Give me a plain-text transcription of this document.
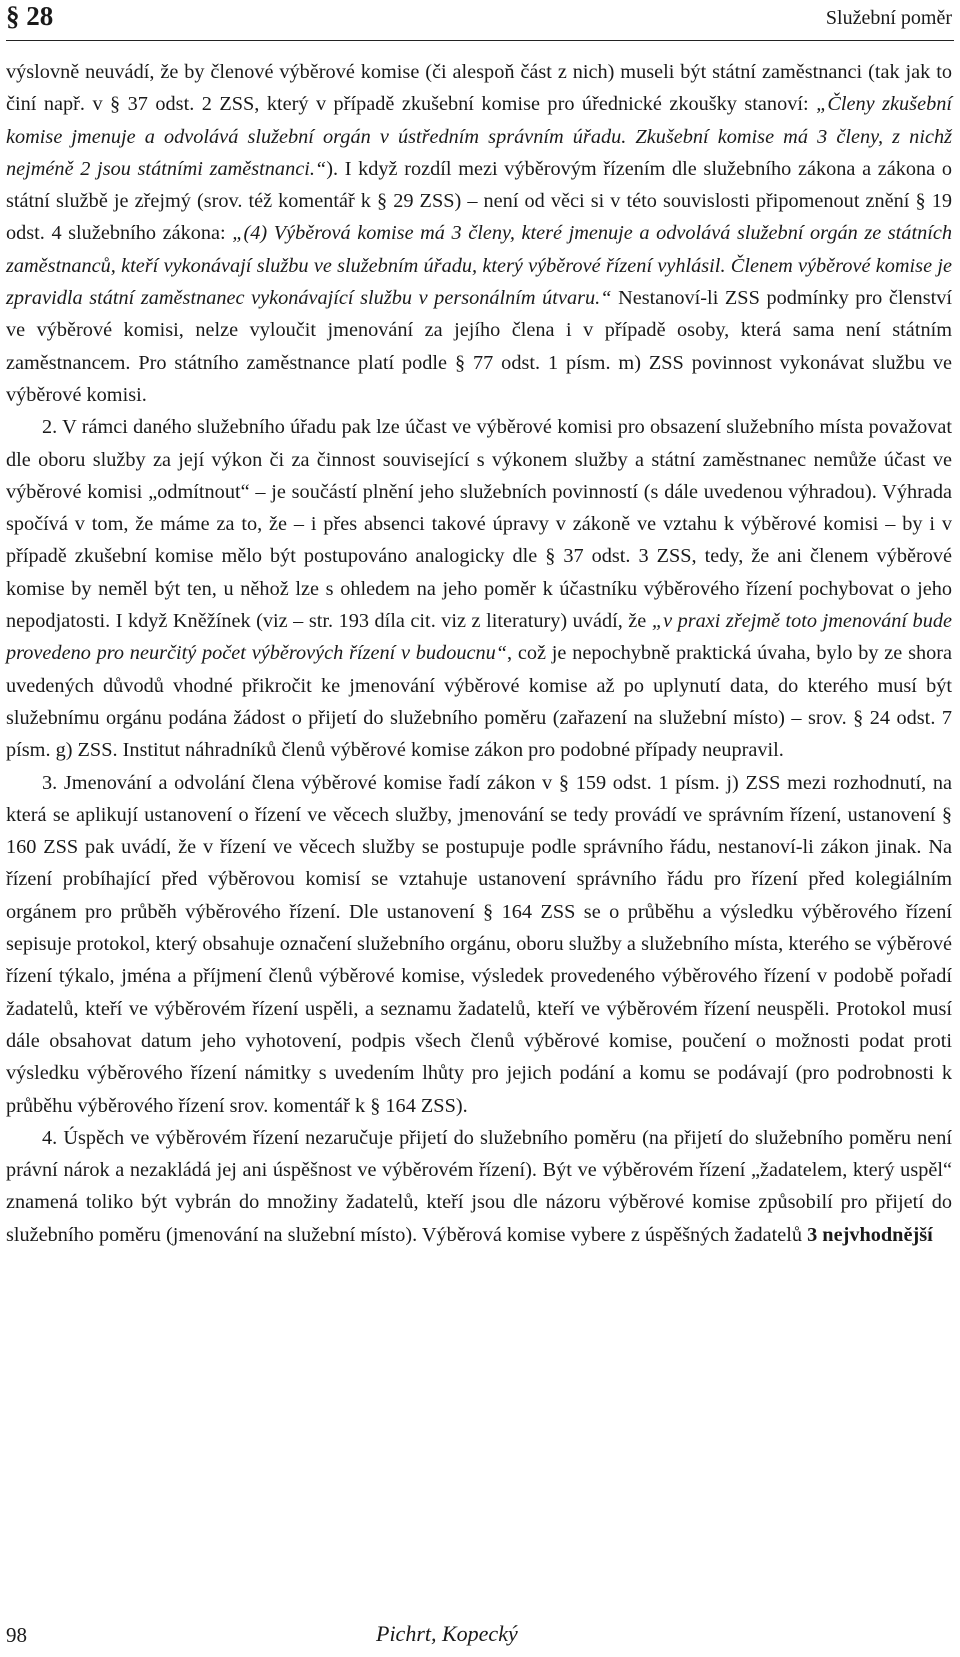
§ 28	Služební poměr

výslovně neuvádí, že by členové výběrové komise (či alespoň část z nich) museli být státní zaměstnanci (tak jak to činí např. v § 37 odst. 2 ZSS, který v případě zkušební komise pro úřednické zkoušky stanoví: „Členy zkušební komise jmenuje a odvolává služební orgán v ústředním správním úřadu. Zkušební komise má 3 členy, z nichž nejméně 2 jsou státními zaměstnanci.“). I když rozdíl mezi výběrovým řízením dle služebního zákona a zákona o státní službě je zřejmý (srov. též komentář k § 29 ZSS) – není od věci si v této souvislosti připomenout znění § 19 odst. 4 služebního zákona: „(4) Výběrová komise má 3 členy, které jmenuje a odvolává služební orgán ze státních zaměstnanců, kteří vykonávají službu ve služebním úřadu, který výběrové řízení vyhlásil. Členem výběrové komise je zpravidla státní zaměstnanec vykonávající službu v personálním útvaru.“ Nestanoví-li ZSS podmínky pro členství ve výběrové komisi, nelze vyloučit jmenování za jejího člena i v případě osoby, která sama není státním zaměstnancem. Pro státního zaměstnance platí podle § 77 odst. 1 písm. m) ZSS povinnost vykonávat službu ve výběrové komisi.

2. V rámci daného služebního úřadu pak lze účast ve výběrové komisi pro obsazení služebního místa považovat dle oboru služby za její výkon či za činnost související s výkonem služby a státní zaměstnanec nemůže účast ve výběrové komisi „odmítnout“ – je součástí plnění jeho služebních povinností (s dále uvedenou výhradou). Výhrada spočívá v tom, že máme za to, že – i přes absenci takové úpravy v zákoně ve vztahu k výběrové komisi – by i v případě zkušební komise mělo být postupováno analogicky dle § 37 odst. 3 ZSS, tedy, že ani členem výběrové komise by neměl být ten, u něhož lze s ohledem na jeho poměr k účastníku výběrového řízení pochybovat o jeho nepodjatosti. I když Kněžínek (viz – str. 193 díla cit. viz z literatury) uvádí, že „v praxi zřejmě toto jmenování bude provedeno pro neurčitý počet výběrových řízení v budoucnu“, což je nepochybně praktická úvaha, bylo by ze shora uvedených důvodů vhodné přikročit ke jmenování výběrové komise až po uplynutí data, do kterého musí být služebnímu orgánu podána žádost o přijetí do služebního poměru (zařazení na služební místo) – srov. § 24 odst. 7 písm. g) ZSS. Institut náhradníků členů výběrové komise zákon pro podobné případy neupravil.

3. Jmenování a odvolání člena výběrové komise řadí zákon v § 159 odst. 1 písm. j) ZSS mezi rozhodnutí, na která se aplikují ustanovení o řízení ve věcech služby, jmenování se tedy provádí ve správním řízení, ustanovení § 160 ZSS pak uvádí, že v řízení ve věcech služby se postupuje podle správního řádu, nestanoví-li zákon jinak. Na řízení probíhající před výběrovou komisí se vztahuje ustanovení správního řádu pro řízení před kolegiálním orgánem pro průběh výběrového řízení. Dle ustanovení § 164 ZSS se o průběhu a výsledku výběrového řízení sepisuje protokol, který obsahuje označení služebního orgánu, oboru služby a služebního místa, kterého se výběrové řízení týkalo, jména a příjmení členů výběrové komise, výsledek provedeného výběrového řízení v podobě pořadí žadatelů, kteří ve výběrovém řízení uspěli, a seznamu žadatelů, kteří ve výběrovém řízení neuspěli. Protokol musí dále obsahovat datum jeho vyhotovení, podpis všech členů výběrové komise, poučení o možnosti podat proti výsledku výběrového řízení námitky s uvedením lhůty pro jejich podání a komu se podávají (pro podrobnosti k průběhu výběrového řízení srov. komentář k § 164 ZSS).

4. Úspěch ve výběrovém řízení nezaručuje přijetí do služebního poměru (na přijetí do služebního poměru není právní nárok a nezakládá jej ani úspěšnost ve výběrovém řízení). Být ve výběrovém řízení „žadatelem, který uspěl“ znamená toliko být vybrán do množiny žadatelů, kteří jsou dle názoru výběrové komise způsobilí pro přijetí do služebního poměru (jmenování na služební místo). Výběrová komise vybere z úspěšných žadatelů 3 nejvhodnější

98	Pichrt, Kopecký
